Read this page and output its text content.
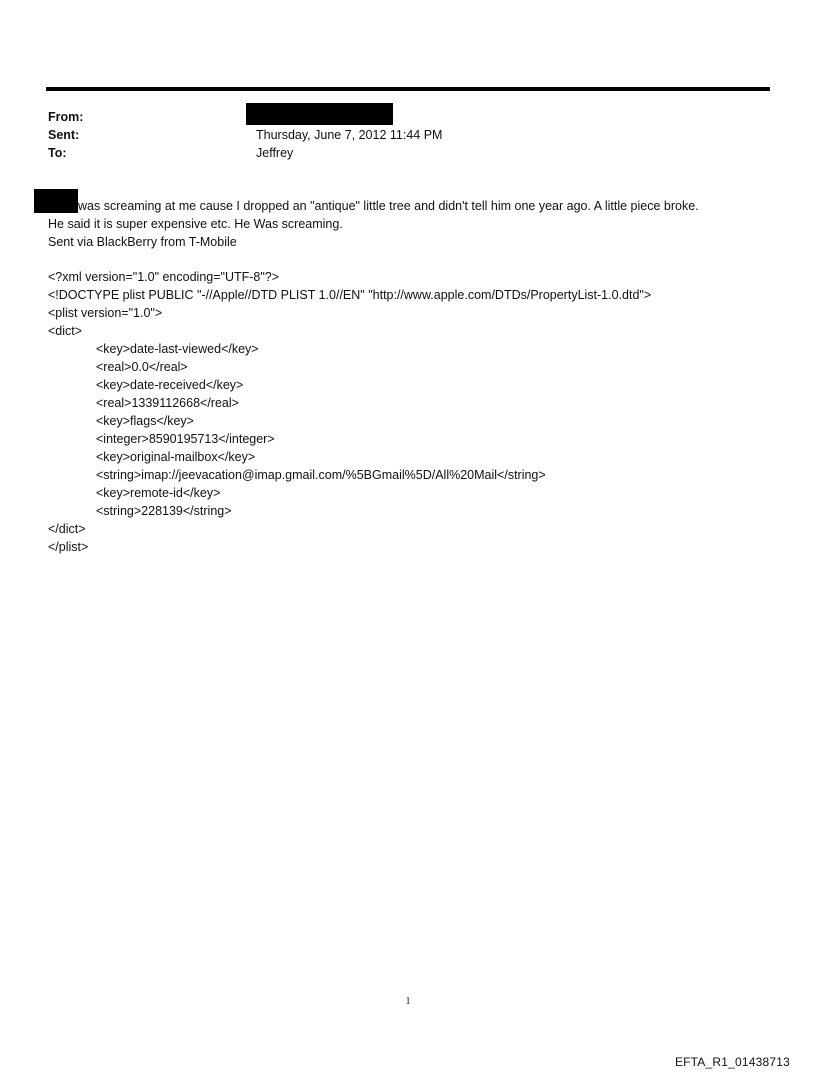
From:
Sent:	Thursday, June 7, 2012 11:44 PM
To:	Jeffrey
was screaming at me cause I dropped an "antique" little tree and didn't tell him one year ago. A little piece broke.
He said it is super expensive etc. He Was screaming.
Sent via BlackBerry from T-Mobile
<?xml version="1.0" encoding="UTF-8"?>
<!DOCTYPE plist PUBLIC "-//Apple//DTD PLIST 1.0//EN" "http://www.apple.com/DTDs/PropertyList-1.0.dtd">
<plist version="1.0">
<dict>
<key>date-last-viewed</key>
<real>0.0</real>
<key>date-received</key>
<real>1339112668</real>
<key>flags</key>
<integer>8590195713</integer>
<key>original-mailbox</key>
<string>imap://jeevacation@imap.gmail.com/%5BGmail%5D/All%20Mail</string>
<key>remote-id</key>
<string>228139</string>
</dict>
</plist>
1
EFTA_R1_01438713
